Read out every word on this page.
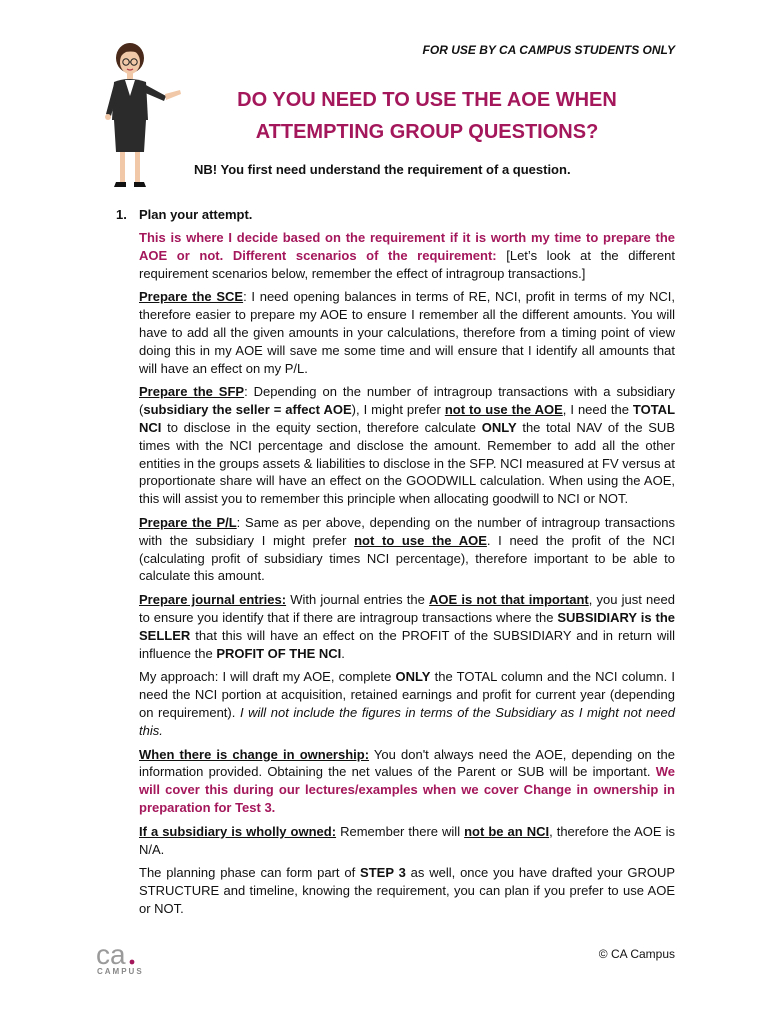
FOR USE BY CA CAMPUS STUDENTS ONLY
DO YOU NEED TO USE THE AOE WHEN
ATTEMPTING GROUP QUESTIONS?
NB! You first need understand the requirement of a question.
1. Plan your attempt.

This is where I decide based on the requirement if it is worth my time to prepare the AOE or not. Different scenarios of the requirement: [Let’s look at the different requirement scenarios below, remember the effect of intragroup transactions.]

Prepare the SCE: I need opening balances in terms of RE, NCI, profit in terms of my NCI, therefore easier to prepare my AOE to ensure I remember all the different amounts. You will have to add all the given amounts in your calculations, therefore from a timing point of view doing this in my AOE will save me some time and will ensure that I identify all amounts that will have an effect on my P/L.

Prepare the SFP: Depending on the number of intragroup transactions with a subsidiary (subsidiary the seller = affect AOE), I might prefer not to use the AOE, I need the TOTAL NCI to disclose in the equity section, therefore calculate ONLY the total NAV of the SUB times with the NCI percentage and disclose the amount. Remember to add all the other entities in the groups assets & liabilities to disclose in the SFP. NCI measured at FV versus at proportionate share will have an effect on the GOODWILL calculation. When using the AOE, this will assist you to remember this principle when allocating goodwill to NCI or NOT.

Prepare the P/L: Same as per above, depending on the number of intragroup transactions with the subsidiary I might prefer not to use the AOE. I need the profit of the NCI (calculating profit of subsidiary times NCI percentage), therefore important to be able to calculate this amount.

Prepare journal entries: With journal entries the AOE is not that important, you just need to ensure you identify that if there are intragroup transactions where the SUBSIDIARY is the SELLER that this will have an effect on the PROFIT of the SUBSIDIARY and in return will influence the PROFIT OF THE NCI.

My approach: I will draft my AOE, complete ONLY the TOTAL column and the NCI column. I need the NCI portion at acquisition, retained earnings and profit for current year (depending on requirement). I will not include the figures in terms of the Subsidiary as I might not need this.

When there is change in ownership: You don't always need the AOE, depending on the information provided. Obtaining the net values of the Parent or SUB will be important. We will cover this during our lectures/examples when we cover Change in ownership in preparation for Test 3.

If a subsidiary is wholly owned: Remember there will not be an NCI, therefore the AOE is N/A.

The planning phase can form part of STEP 3 as well, once you have drafted your GROUP STRUCTURE and timeline, knowing the requirement, you can plan if you prefer to use AOE or NOT.

ca
CAMPUS
© CA Campus
